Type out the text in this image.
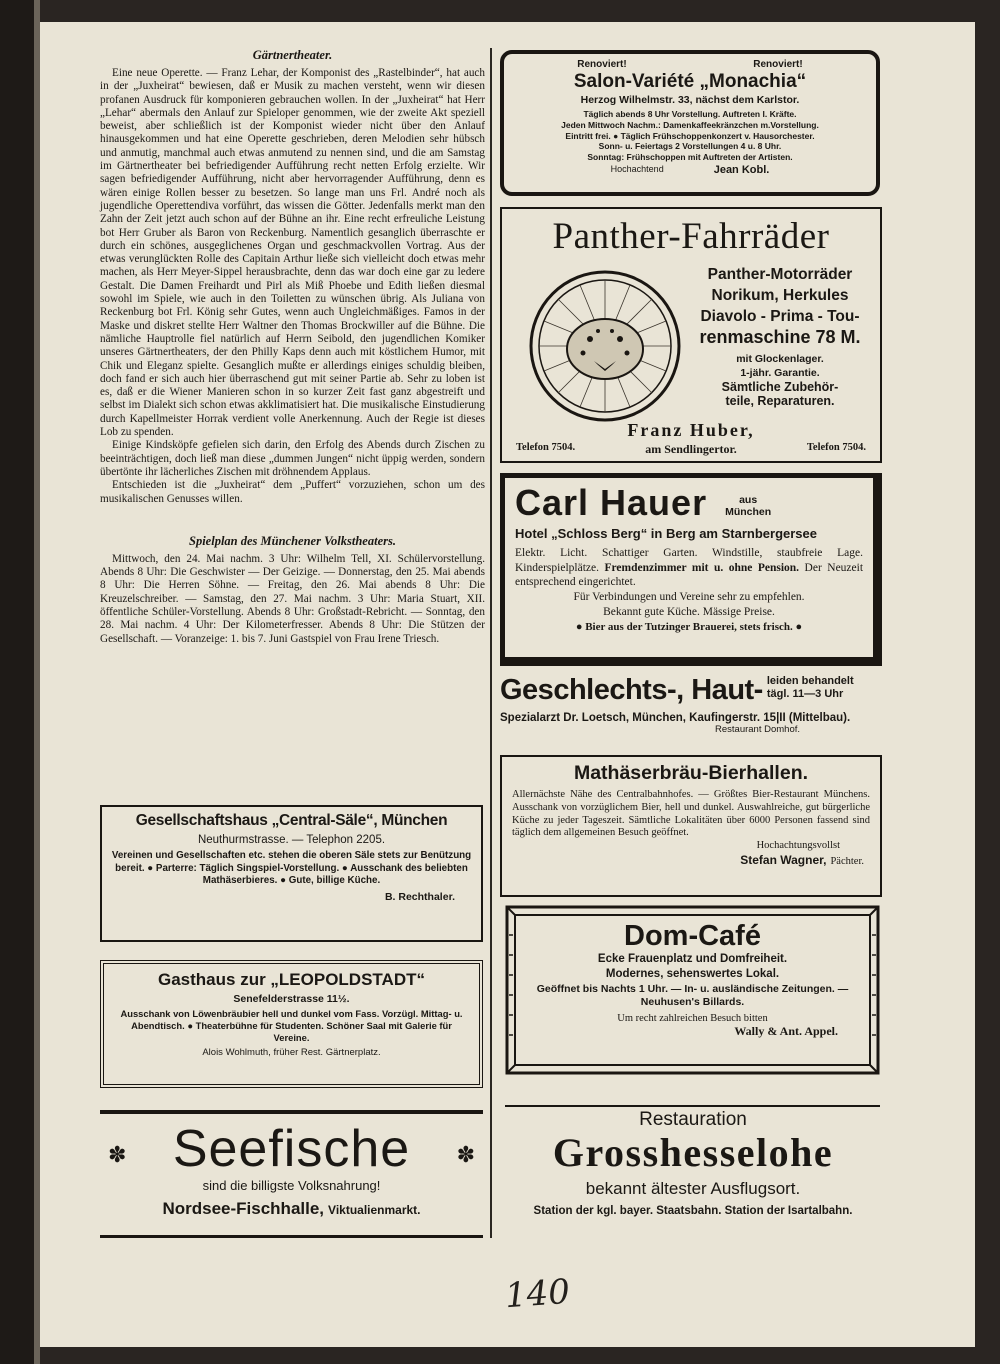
Gärtnertheater.

Eine neue Operette. — Franz Lehar, der Komponist des „Rastelbinder“, hat auch in der „Juxheirat“ bewiesen, daß er Musik zu machen versteht, wenn wir diesen profanen Ausdruck für komponieren gebrauchen wollen. In der „Juxheirat“ hat Herr „Lehar“ abermals den Anlauf zur Spieloper genommen, wie der zweite Akt speziell beweist, aber schließlich ist der Komponist wieder nicht über den Anlauf hinausgekommen und hat eine Operette geschrieben, deren Melodien sehr hübsch und anmutig, manchmal auch etwas anmutend zu nennen sind, und die am Samstag im Gärtnertheater bei befriedigender Aufführung recht netten Erfolg erzielte. Wir sagen befriedigender Aufführung, nicht aber hervorragender Aufführung, denn es wären einige Rollen besser zu besetzen. So lange man uns Frl. André noch als jugendliche Operettendiva vorführt, das wissen die Götter. Jedenfalls merkt man den Zahn der Zeit jetzt auch schon auf der Bühne an ihr. Eine recht erfreuliche Leistung bot Herr Gruber als Baron von Reckenburg. Namentlich gesanglich überraschte er durch ein schönes, ausgeglichenes Organ und geschmackvollen Vortrag. Aus der etwas verunglückten Rolle des Capitain Arthur ließe sich vielleicht doch etwas mehr machen, als Herr Meyer-Sippel herausbrachte, denn das war doch eine gar zu ledere Gestalt. Die Damen Freihardt und Pirl als Miß Phoebe und Edith ließen diesmal sowohl im Spiele, wie auch in den Toiletten zu wünschen übrig. Als Juliana von Reckenburg bot Frl. König sehr Gutes, wenn auch Ungleichmäßiges. Famos in der Maske und diskret stellte Herr Waltner den Thomas Brockwiller auf die Bühne. Die nämliche Hauptrolle fiel natürlich auf Herrn Seibold, den jugendlichen Komiker unseres Gärtnertheaters, der den Philly Kaps denn auch mit köstlichem Humor, mit Chik und Eleganz spielte. Gesanglich mußte er allerdings einiges schuldig bleiben, doch fand er sich auch hier überraschend gut mit seiner Partie ab. Sehr zu loben ist es, daß er die Wiener Manieren schon in so kurzer Zeit fast ganz abgestreift und selbst im Dialekt sich schon etwas akklimatisiert hat. Die musikalische Einstudierung durch Kapellmeister Horrak verdient volle Anerkennung. Auch der Regie ist dieses Lob zu spenden.

Einige Kindsköpfe gefielen sich darin, den Erfolg des Abends durch Zischen zu beeinträchtigen, doch ließ man diese „dummen Jungen“ nicht üppig werden, sondern übertönte ihr lächerliches Zischen mit dröhnendem Applaus.

Entschieden ist die „Juxheirat“ dem „Puffert“ vorzuziehen, schon um des musikalischen Genusses willen.

Spielplan des Münchener Volkstheaters.

Mittwoch, den 24. Mai nachm. 3 Uhr: Wilhelm Tell, XI. Schülervorstellung. Abends 8 Uhr: Die Geschwister — Der Geizige. — Donnerstag, den 25. Mai abends 8 Uhr: Die Herren Söhne. — Freitag, den 26. Mai abends 8 Uhr: Die Kreuzelschreiber. — Samstag, den 27. Mai nachm. 3 Uhr: Maria Stuart, XII. öffentliche Schüler-Vorstellung. Abends 8 Uhr: Großstadt-Rebricht. — Sonntag, den 28. Mai nachm. 4 Uhr: Der Kilometerfresser. Abends 8 Uhr: Die Stützen der Gesellschaft. — Voranzeige: 1. bis 7. Juni Gastspiel von Frau Irene Triesch.

Gesellschaftshaus „Central-Säle“, München
Neuthurmstrasse. — Telephon 2205.
Vereinen und Gesellschaften etc. stehen die oberen Säle stets zur Benützung bereit. ● Parterre: Täglich Singspiel-Vorstellung. ● Ausschank des beliebten Mathäserbieres. ● Gute, billige Küche.
B. Rechthaler.
Gasthaus zur „LEOPOLDSTADT“
Senefelderstrasse 11½.
Ausschank von Löwenbräubier hell und dunkel vom Fass. Vorzügl. Mittag- u. Abendtisch. ● Theaterbühne für Studenten. Schöner Saal mit Galerie für Vereine.
Alois Wohlmuth, früher Rest. Gärtnerplatz.
✽	✽
Seefische
sind die billigste Volksnahrung!
Nordsee-Fischhalle, Viktualienmarkt.
Renoviert!	Renoviert!
Salon-Variété „Monachia“
Herzog Wilhelmstr. 33, nächst dem Karlstor.
Täglich abends 8 Uhr Vorstellung. Auftreten I. Kräfte.
Jeden Mittwoch Nachm.: Damenkaffeekränzchen m.Vorstellung.
Eintritt frei. ● Täglich Frühschoppenkonzert v. Hausorchester.
Sonn- u. Feiertags 2 Vorstellungen 4 u. 8 Uhr.
Sonntag: Frühschoppen mit Auftreten der Artisten.
Hochachtend	Jean Kobl.
Panther-Fahrräder
Panther-Motorräder
Norikum, Herkules
Diavolo - Prima - Tou-
renmaschine 78 M.
mit Glockenlager.
1-jähr. Garantie.
Sämtliche Zubehör-
teile, Reparaturen.
Franz Huber,
Telefon 7504.	am Sendlingertor.	Telefon 7504.
Carl Hauer	aus
München
Hotel „Schloss Berg“ in Berg am Starnbergersee
Elektr. Licht. Schattiger Garten. Windstille, staubfreie Lage. Kinderspielplätze. Fremdenzimmer mit u. ohne Pension. Der Neuzeit entsprechend eingerichtet.
Für Verbindungen und Vereine sehr zu empfehlen.
Bekannt gute Küche. Mässige Preise.
● Bier aus der Tutzinger Brauerei, stets frisch. ●
Geschlechts-, Haut- leiden behandelt
tägl. 11—3 Uhr
Spezialarzt Dr. Loetsch, München, Kaufingerstr. 15|II (Mittelbau).
Restaurant Domhof.
Mathäserbräu-Bierhallen.
Allernächste Nähe des Centralbahnhofes. — Größtes Bier-Restaurant Münchens. Ausschank von vorzüglichem Bier, hell und dunkel. Auswahlreiche, gut bürgerliche Küche zu jeder Tageszeit. Sämtliche Lokalitäten über 6000 Personen fassend sind täglich dem allgemeinen Besuch geöffnet.
Hochachtungsvollst
Stefan Wagner, Pächter.
Dom-Café
Ecke Frauenplatz und Domfreiheit.
Modernes, sehenswertes Lokal.
Geöffnet bis Nachts 1 Uhr. — In- u. ausländische Zeitungen. — Neuhusen's Billards.
Um recht zahlreichen Besuch bitten
Wally & Ant. Appel.
Restauration
Grosshesselohe
bekannt ältester Ausflugsort.
Station der kgl. bayer. Staatsbahn. Station der Isartalbahn.
140
